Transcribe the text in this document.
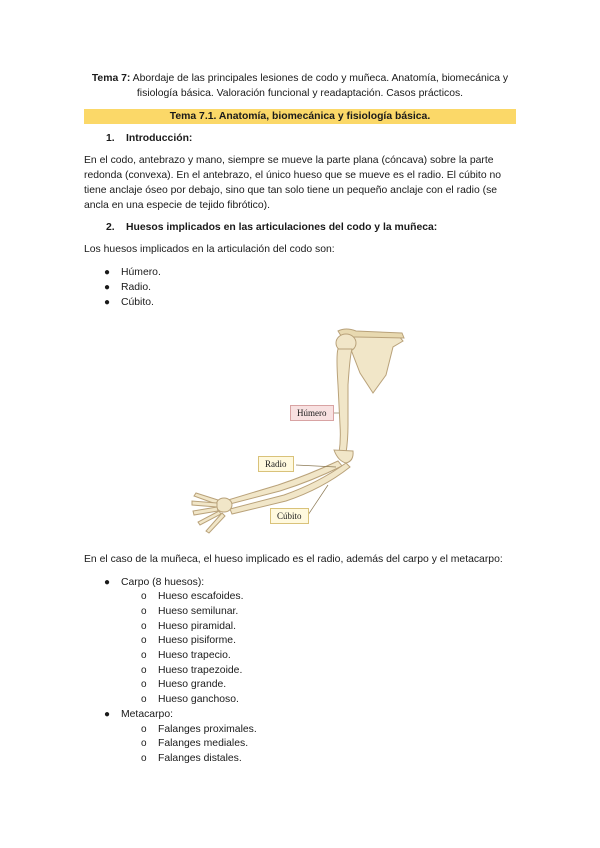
Tema 7: Abordaje de las principales lesiones de codo y muñeca. Anatomía, biomecánica y fisiología básica. Valoración funcional y readaptación. Casos prácticos.
Tema 7.1. Anatomía, biomecánica y fisiología básica.
1. Introducción:
En el codo, antebrazo y mano, siempre se mueve la parte plana (cóncava) sobre la parte redonda (convexa). En el antebrazo, el único hueso que se mueve es el radio. El cúbito no tiene anclaje óseo por debajo, sino que tan solo tiene un pequeño anclaje con el radio (se ancla en una especie de tejido fibrótico).
2. Huesos implicados en las articulaciones del codo y la muñeca:
Los huesos implicados en la articulación del codo son:
● Húmero.
● Radio.
● Cúbito.
Húmero
Radio
Cúbito
En el caso de la muñeca, el hueso implicado es el radio, además del carpo y el metacarpo:
● Carpo (8 huesos):
o Hueso escafoides.
o Hueso semilunar.
o Hueso piramidal.
o Hueso pisiforme.
o Hueso trapecio.
o Hueso trapezoide.
o Hueso grande.
o Hueso ganchoso.
● Metacarpo:
o Falanges proximales.
o Falanges mediales.
o Falanges distales.
